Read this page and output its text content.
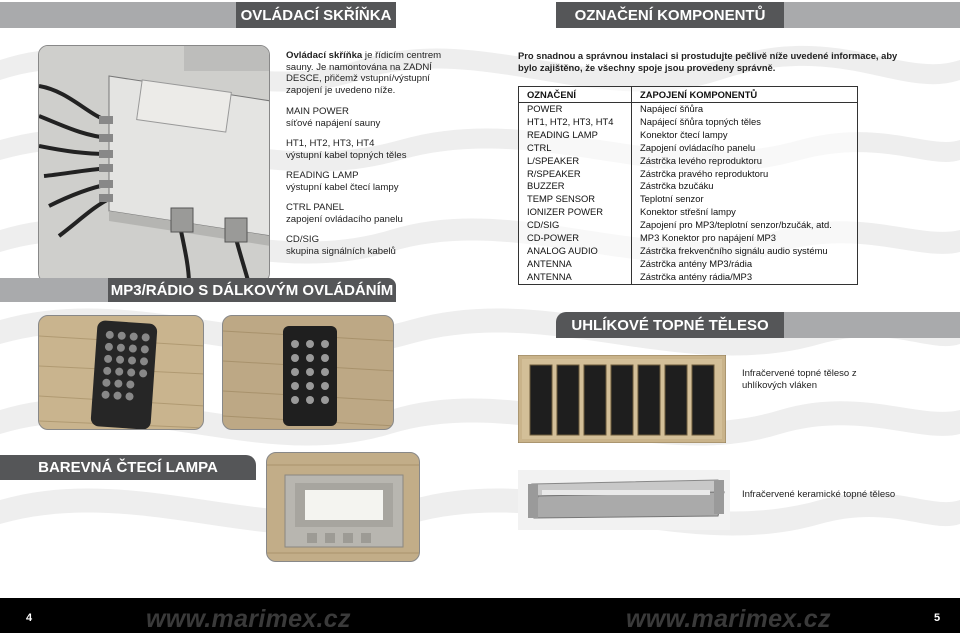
OVLÁDACÍ SKŘÍŇKA	OZNAČENÍ KOMPONENTŮ

Ovládací skříňka je řídicím centrem sauny. Je namontována na ZADNÍ DESCE, přičemž vstupní/výstupní zapojení je uvedeno níže.

MAIN POWER
síťové napájení sauny

HT1, HT2, HT3, HT4
výstupní kabel topných těles

READING LAMP
výstupní kabel čtecí lampy

CTRL PANEL
zapojení ovládacího panelu

CD/SIG
skupina signálních kabelů

MP3/RÁDIO S DÁLKOVÝM OVLÁDÁNÍM
BAREVNÁ ČTECÍ LAMPA
Pro snadnou a správnou instalaci si prostudujte pečlivě níže uvedené informace, aby bylo zajištěno, že všechny spoje jsou provedeny správně.
OZNAČENÍ	ZAPOJENÍ KOMPONENTŮ
POWER	Napájecí šňůra
HT1, HT2, HT3, HT4	Napájecí šňůra topných těles
READING LAMP	Konektor čtecí lampy
CTRL	Zapojení ovládacího panelu
L/SPEAKER	Zástrčka levého reproduktoru
R/SPEAKER	Zástrčka pravého reproduktoru
BUZZER	Zástrčka bzučáku
TEMP SENSOR	Teplotní senzor
IONIZER POWER	Konektor střešní lampy
CD/SIG	Zapojení pro MP3/teplotní senzor/bzučák, atd.
CD-POWER	MP3 Konektor pro napájení MP3
ANALOG AUDIO	Zástrčka frekvenčního signálu audio systému
ANTENNA	Zástrčka antény MP3/rádia
ANTENNA	Zástrčka antény rádia/MP3
UHLÍKOVÉ TOPNÉ TĚLESO
Infračervené topné těleso z uhlíkových vláken
Infračervené keramické topné těleso
4	www.marimex.cz	www.marimex.cz	5
